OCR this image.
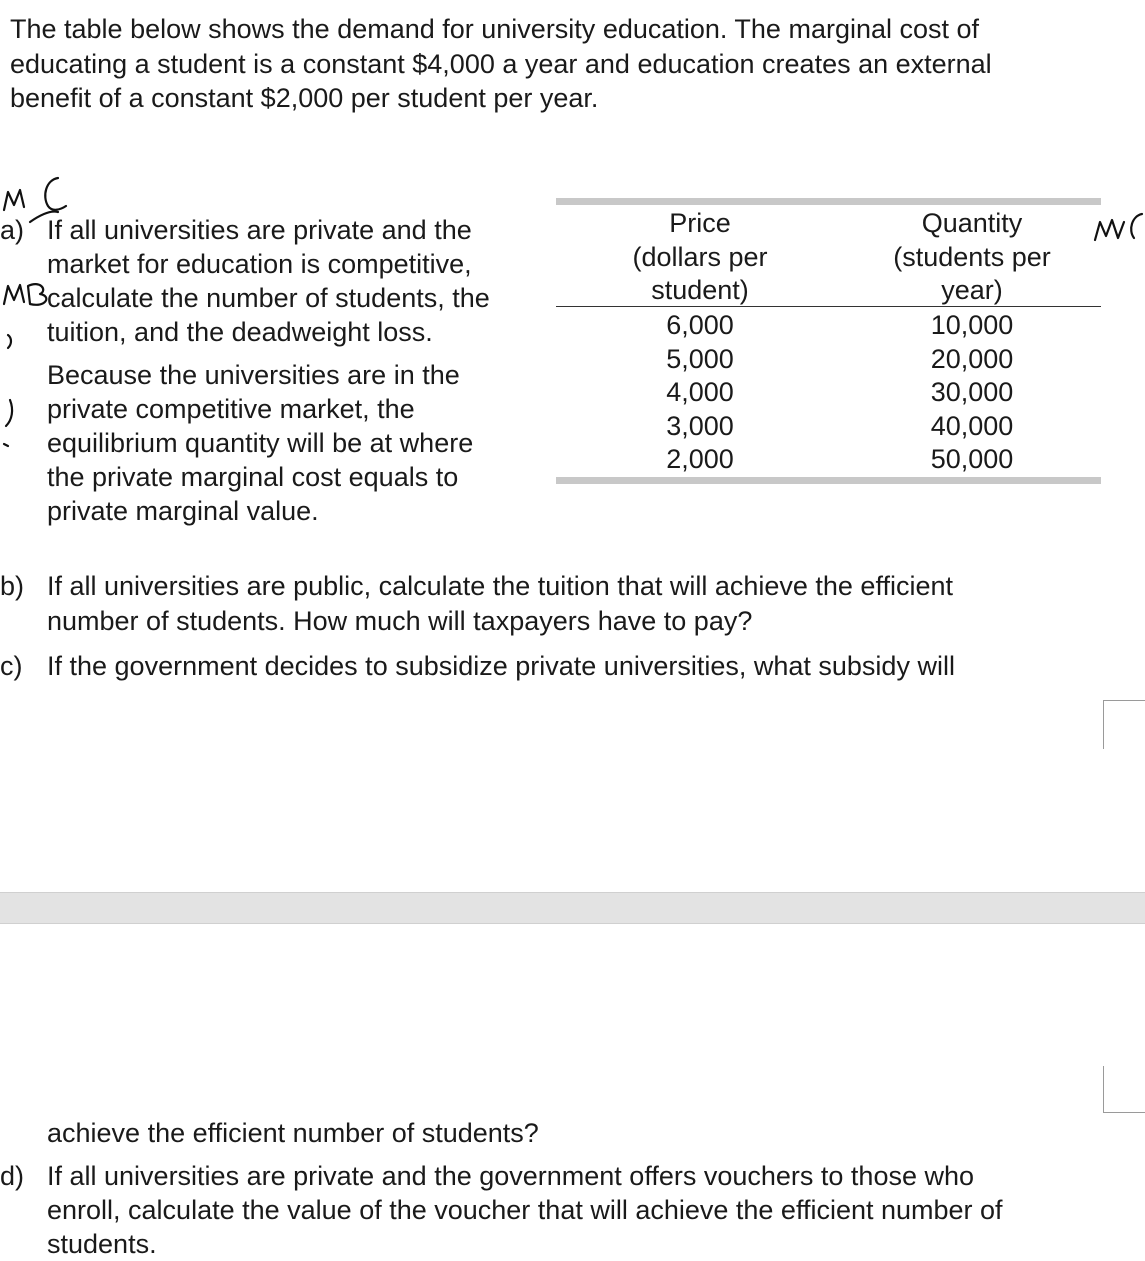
The table below shows the demand for university education. The marginal cost of
educating a student is a constant $4,000 a year and education creates an external
benefit of a constant $2,000 per student per year.
a) If all universities are private and the
market for education is competitive,
calculate the number of students, the
tuition, and the deadweight loss.
Because the universities are in the
private competitive market, the
equilibrium quantity will be at where
the private marginal cost equals to
private marginal value.
Price
(dollars per
student)
Quantity
(students per
year)
6,000
5,000
4,000
3,000
2,000
10,000
20,000
30,000
40,000
50,000
b) If all universities are public, calculate the tuition that will achieve the efficient
number of students. How much will taxpayers have to pay?
c) If the government decides to subsidize private universities, what subsidy will
achieve the efficient number of students?
d) If all universities are private and the government offers vouchers to those who
enroll, calculate the value of the voucher that will achieve the efficient number of
students.
